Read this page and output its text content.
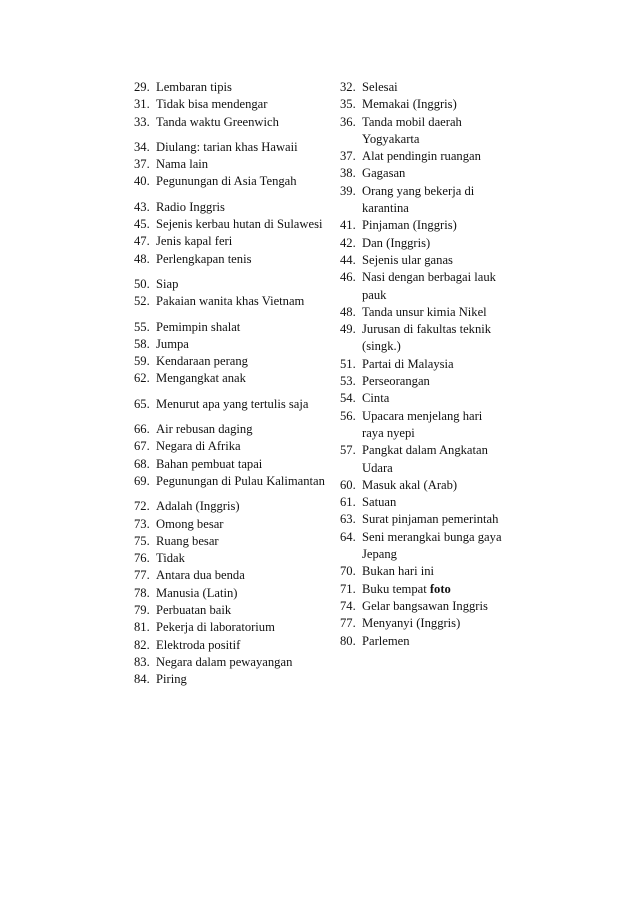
29. Lembaran tipis
31. Tidak bisa mendengar
33. Tanda waktu Greenwich
34. Diulang: tarian khas Hawaii
37. Nama lain
40. Pegunungan di Asia Tengah
43. Radio Inggris
45. Sejenis kerbau hutan di Sulawesi
47. Jenis kapal feri
48. Perlengkapan tenis
50. Siap
52. Pakaian wanita khas Vietnam
55. Pemimpin shalat
58. Jumpa
59. Kendaraan perang
62. Mengangkat anak
65. Menurut apa yang tertulis saja
66. Air rebusan daging
67. Negara di Afrika
68. Bahan pembuat tapai
69. Pegunungan di Pulau Kalimantan
72. Adalah (Inggris)
73. Omong besar
75. Ruang besar
76. Tidak
77. Antara dua benda
78. Manusia (Latin)
79. Perbuatan baik
81. Pekerja di laboratorium
82. Elektroda positif
83. Negara dalam pewayangan
84. Piring
32. Selesai
35. Memakai (Inggris)
36. Tanda mobil daerah
Yogyakarta
37. Alat pendingin ruangan
38. Gagasan
39. Orang yang bekerja di
karantina
41. Pinjaman (Inggris)
42. Dan (Inggris)
44. Sejenis ular ganas
46. Nasi dengan berbagai lauk
pauk
48. Tanda unsur kimia Nikel
49. Jurusan di fakultas teknik
(singk.)
51. Partai di Malaysia
53. Perseorangan
54. Cinta
56. Upacara menjelang hari
raya nyepi
57. Pangkat dalam Angkatan
Udara
60. Masuk akal (Arab)
61. Satuan
63. Surat pinjaman pemerintah
64. Seni merangkai bunga gaya
Jepang
70. Bukan hari ini
71. Buku tempat foto
74. Gelar bangsawan Inggris
77. Menyanyi (Inggris)
80. Parlemen
